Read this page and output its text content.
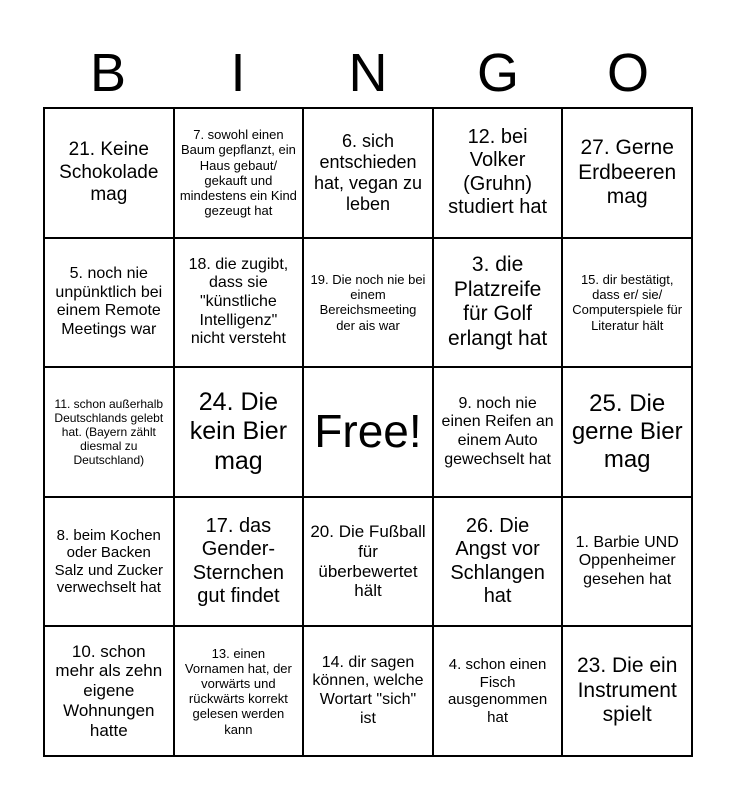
B	I	N	G	O
21. Keine Schokolade mag
7. sowohl einen Baum gepflanzt, ein Haus gebaut/ gekauft und mindestens ein Kind gezeugt hat
6. sich entschieden hat, vegan zu leben
12. bei Volker (Gruhn) studiert hat
27. Gerne Erdbeeren mag
5. noch nie unpünktlich bei einem Remote Meetings war
18. die zugibt, dass sie "künstliche Intelligenz" nicht versteht
19. Die noch nie bei einem Bereichsmeeting der ais war
3. die Platzreife für Golf erlangt hat
15. dir bestätigt, dass er/ sie/ Computerspiele für Literatur hält
11. schon außerhalb Deutschlands gelebt hat. (Bayern zählt diesmal zu Deutschland)
24. Die kein Bier mag
Free!
9. noch nie einen Reifen an einem Auto gewechselt hat
25. Die gerne Bier mag
8. beim Kochen oder Backen Salz und Zucker verwechselt hat
17. das Gender-Sternchen gut findet
20. Die Fußball für überbewertet hält
26. Die Angst vor Schlangen hat
1. Barbie UND Oppenheimer gesehen hat
10. schon mehr als zehn eigene Wohnungen hatte
13. einen Vornamen hat, der vorwärts und rückwärts korrekt gelesen werden kann
14. dir sagen können, welche Wortart "sich" ist
4. schon einen Fisch ausgenommen hat
23. Die ein Instrument spielt
